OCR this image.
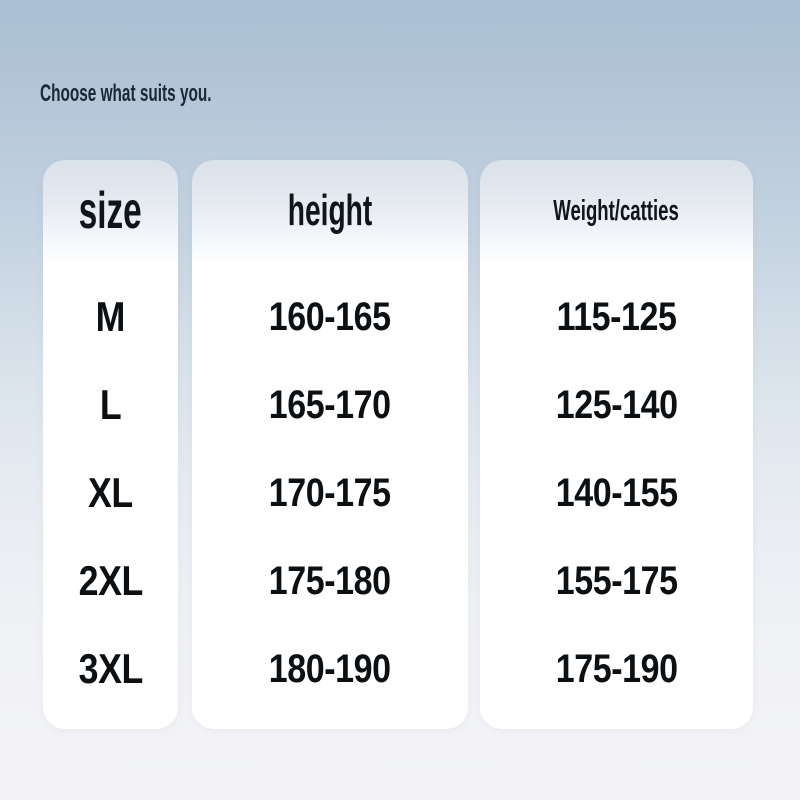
Choose what suits you.
size
M
L
XL
2XL
3XL
height
160-165
165-170
170-175
175-180
180-190
Weight/catties
115-125
125-140
140-155
155-175
175-190
